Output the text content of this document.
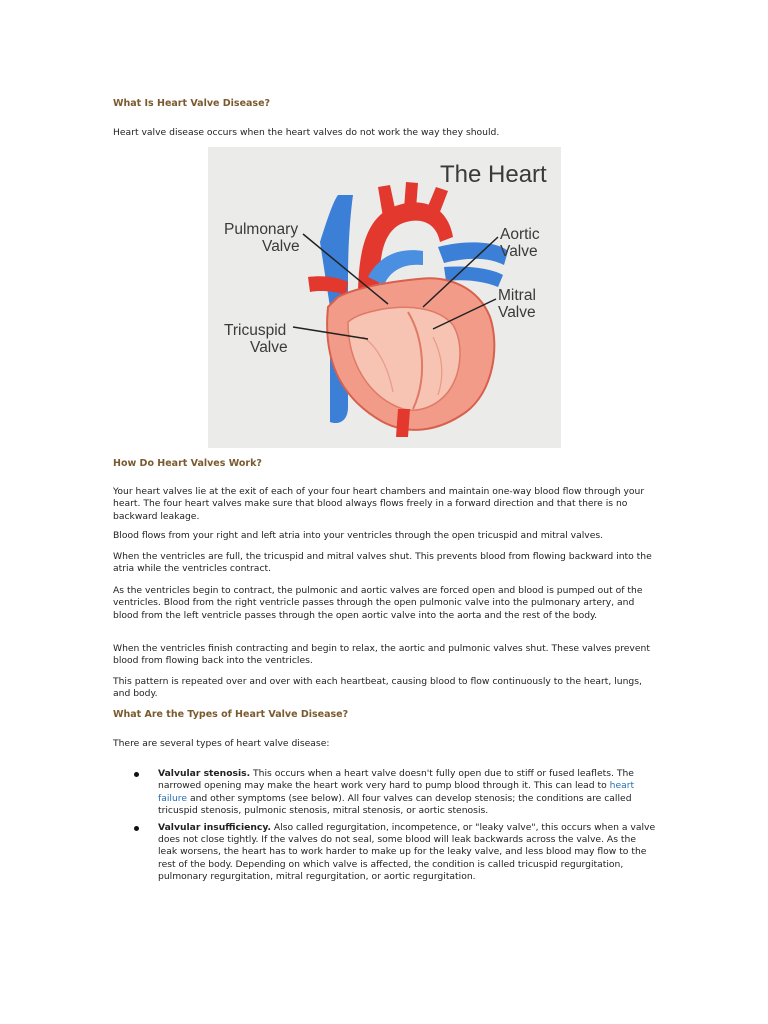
What Is Heart Valve Disease?

Heart valve disease occurs when the heart valves do not work the way they should.

The Heart
Pulmonary
Valve
Aortic
Valve
Mitral
Valve
Tricuspid
Valve
How Do Heart Valves Work?

Your heart valves lie at the exit of each of your four heart chambers and maintain one-way blood flow through your heart. The four heart valves make sure that blood always flows freely in a forward direction and that there is no backward leakage.

Blood flows from your right and left atria into your ventricles through the open tricuspid and mitral valves.

When the ventricles are full, the tricuspid and mitral valves shut. This prevents blood from flowing backward into the atria while the ventricles contract.

As the ventricles begin to contract, the pulmonic and aortic valves are forced open and blood is pumped out of the ventricles. Blood from the right ventricle passes through the open pulmonic valve into the pulmonary artery, and blood from the left ventricle passes through the open aortic valve into the aorta and the rest of the body.

When the ventricles finish contracting and begin to relax, the aortic and pulmonic valves shut. These valves prevent blood from flowing back into the ventricles.

This pattern is repeated over and over with each heartbeat, causing blood to flow continuously to the heart, lungs, and body.

What Are the Types of Heart Valve Disease?

There are several types of heart valve disease:

Valvular stenosis. This occurs when a heart valve doesn't fully open due to stiff or fused leaflets. The narrowed opening may make the heart work very hard to pump blood through it. This can lead to heart failure and other symptoms (see below). All four valves can develop stenosis; the conditions are called tricuspid stenosis, pulmonic stenosis, mitral stenosis, or aortic stenosis.
Valvular insufficiency. Also called regurgitation, incompetence, or "leaky valve", this occurs when a valve does not close tightly. If the valves do not seal, some blood will leak backwards across the valve. As the leak worsens, the heart has to work harder to make up for the leaky valve, and less blood may flow to the rest of the body. Depending on which valve is affected, the condition is called tricuspid regurgitation, pulmonary regurgitation, mitral regurgitation, or aortic regurgitation.
